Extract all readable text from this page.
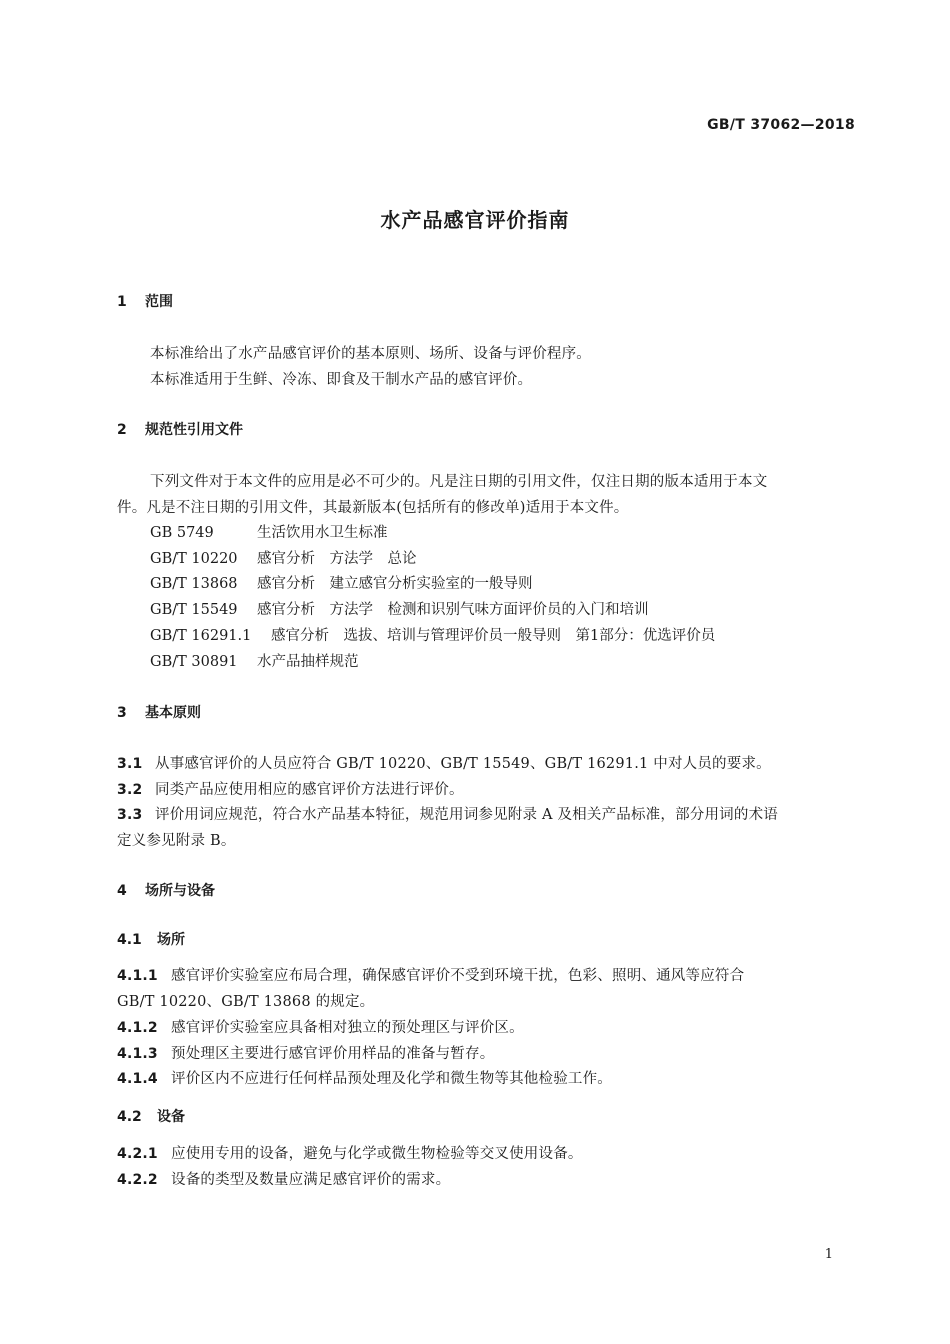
GB/T 37062—2018
水产品感官评价指南
1 范围
本标准给出了水产品感官评价的基本原则、场所、设备与评价程序。
本标准适用于生鲜、冷冻、即食及干制水产品的感官评价。
2 规范性引用文件
下列文件对于本文件的应用是必不可少的。凡是注日期的引用文件，仅注日期的版本适用于本文
件。凡是不注日期的引用文件，其最新版本(包括所有的修改单)适用于本文件。
GB 5749	生活饮用水卫生标准
GB/T 10220 感官分析　方法学　总论
GB/T 13868 感官分析　建立感官分析实验室的一般导则
GB/T 15549 感官分析　方法学　检测和识别气味方面评价员的入门和培训
GB/T 16291.1 感官分析　选拔、培训与管理评价员一般导则　第1部分：优选评价员
GB/T 30891 水产品抽样规范
3 基本原则
3.1 从事感官评价的人员应符合 GB/T 10220、GB/T 15549、GB/T 16291.1 中对人员的要求。
3.2 同类产品应使用相应的感官评价方法进行评价。
3.3 评价用词应规范，符合水产品基本特征，规范用词参见附录 A 及相关产品标准，部分用词的术语
定义参见附录 B。
4 场所与设备
4.1 场所
4.1.1 感官评价实验室应布局合理，确保感官评价不受到环境干扰，色彩、照明、通风等应符合
GB/T 10220、GB/T 13868 的规定。
4.1.2 感官评价实验室应具备相对独立的预处理区与评价区。
4.1.3 预处理区主要进行感官评价用样品的准备与暂存。
4.1.4 评价区内不应进行任何样品预处理及化学和微生物等其他检验工作。
4.2 设备
4.2.1 应使用专用的设备，避免与化学或微生物检验等交叉使用设备。
4.2.2 设备的类型及数量应满足感官评价的需求。
1
